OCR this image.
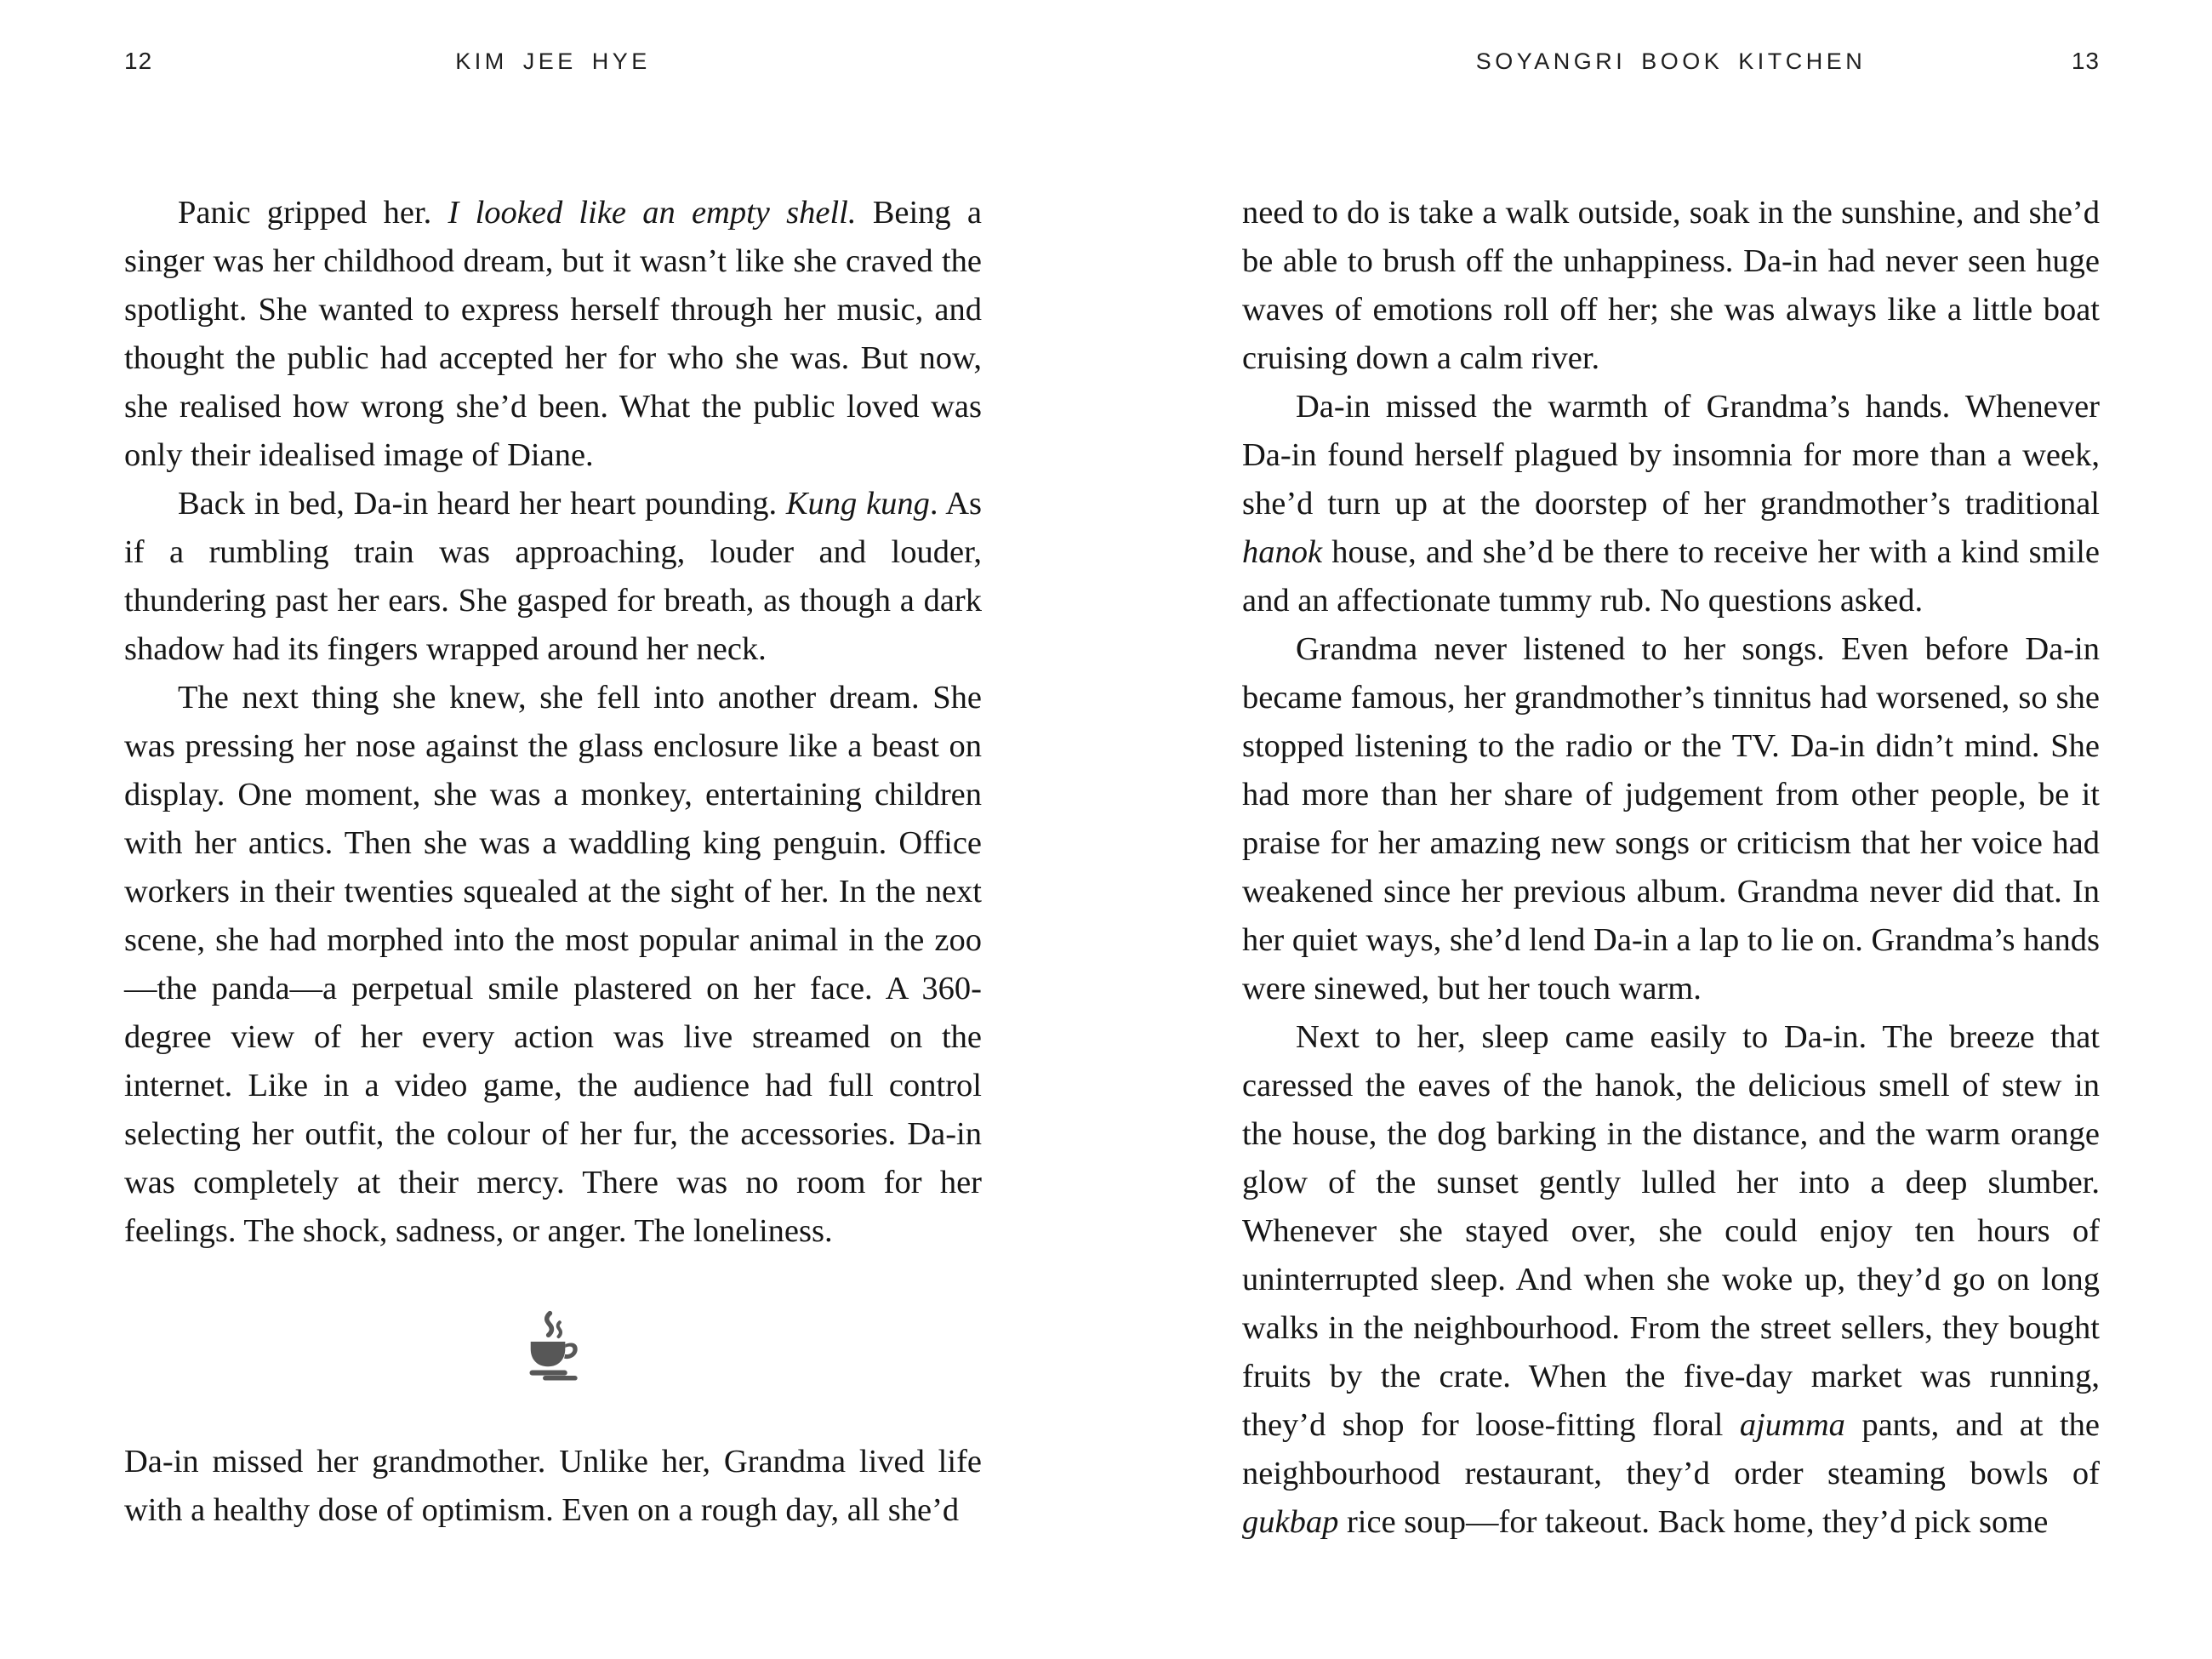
12	KIM JEE HYE

Panic gripped her. I looked like an empty shell. Being a singer was her childhood dream, but it wasn’t like she craved the spotlight. She wanted to express herself through her music, and thought the public had accepted her for who she was. But now, she realised how wrong she’d been. What the public loved was only their idealised image of Diane.

Back in bed, Da-in heard her heart pounding. Kung kung. As if a rumbling train was approaching, louder and louder, thundering past her ears. She gasped for breath, as though a dark shadow had its fingers wrapped around her neck.

The next thing she knew, she fell into another dream. She was pressing her nose against the glass enclosure like a beast on display. One moment, she was a monkey, entertaining children with her antics. Then she was a waddling king penguin. Office workers in their twenties squealed at the sight of her. In the next scene, she had morphed into the most popular animal in the zoo—the panda—a perpetual smile plastered on her face. A 360-degree view of her every action was live streamed on the internet. Like in a video game, the audience had full control selecting her outfit, the colour of her fur, the accessories. Da-in was completely at their mercy. There was no room for her feelings. The shock, sadness, or anger. The loneliness.

Da-in missed her grandmother. Unlike her, Grandma lived life with a healthy dose of optimism. Even on a rough day, all she’d

SOYANGRI BOOK KITCHEN	13

need to do is take a walk outside, soak in the sunshine, and she’d be able to brush off the unhappiness. Da-in had never seen huge waves of emotions roll off her; she was always like a little boat cruising down a calm river.

Da-in missed the warmth of Grandma’s hands. Whenever Da-in found herself plagued by insomnia for more than a week, she’d turn up at the doorstep of her grandmother’s traditional hanok house, and she’d be there to receive her with a kind smile and an affectionate tummy rub. No questions asked.

Grandma never listened to her songs. Even before Da-in became famous, her grandmother’s tinnitus had worsened, so she stopped listening to the radio or the TV. Da-in didn’t mind. She had more than her share of judgement from other people, be it praise for her amazing new songs or criticism that her voice had weakened since her previous album. Grandma never did that. In her quiet ways, she’d lend Da-in a lap to lie on. Grandma’s hands were sinewed, but her touch warm.

Next to her, sleep came easily to Da-in. The breeze that caressed the eaves of the hanok, the delicious smell of stew in the house, the dog barking in the distance, and the warm orange glow of the sunset gently lulled her into a deep slumber. Whenever she stayed over, she could enjoy ten hours of uninterrupted sleep. And when she woke up, they’d go on long walks in the neighbourhood. From the street sellers, they bought fruits by the crate. When the five-day market was running, they’d shop for loose-fitting floral ajumma pants, and at the neighbourhood restaurant, they’d order steaming bowls of gukbap rice soup—for takeout. Back home, they’d pick some
